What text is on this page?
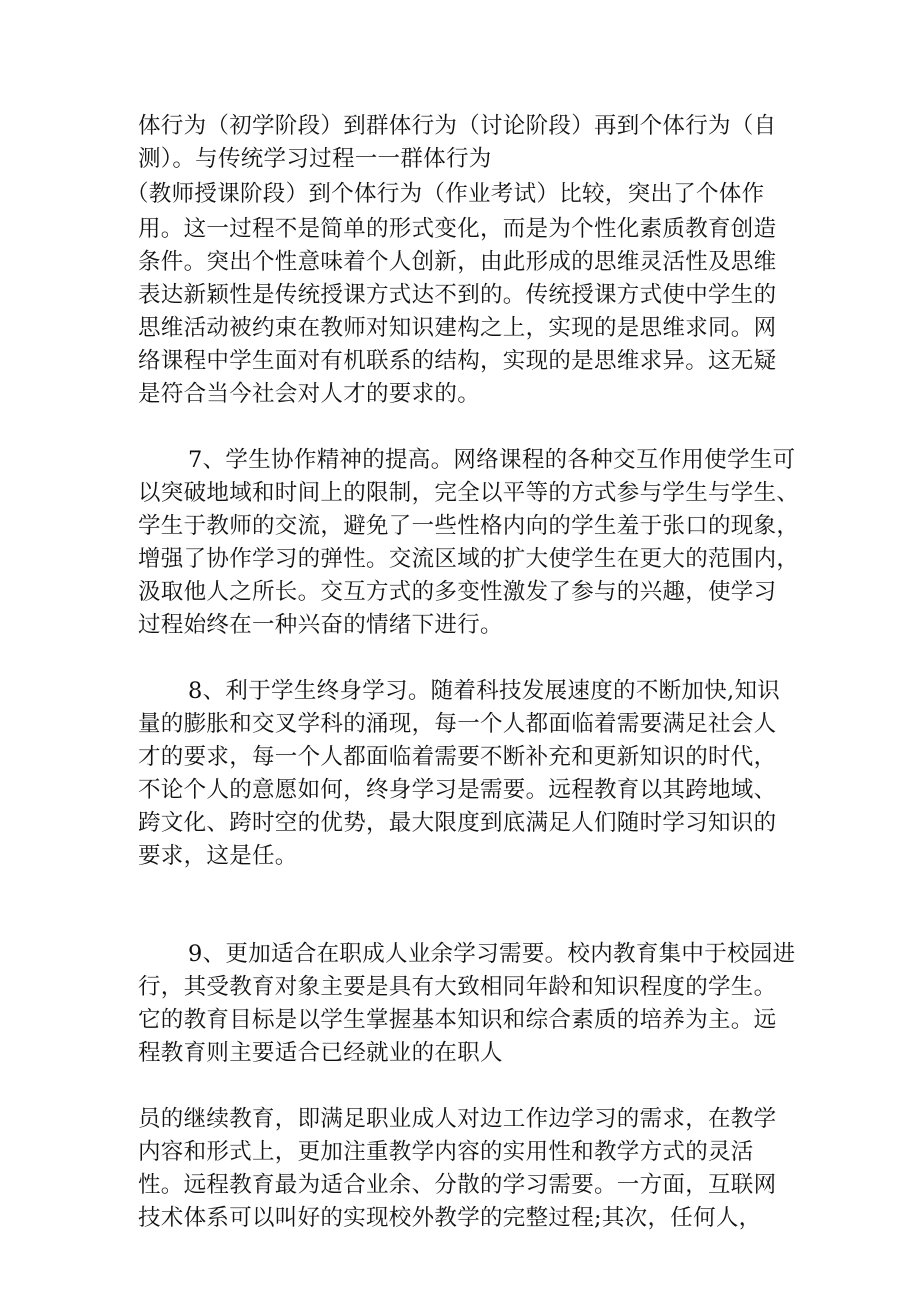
体行为（初学阶段）到群体行为（讨论阶段）再到个体行为（自
测）。与传统学习过程一一群体行为
（教师授课阶段）到个体行为（作业考试）比较，突出了个体作
用。这一过程不是简单的形式变化，而是为个性化素质教育创造
条件。突出个性意味着个人创新，由此形成的思维灵活性及思维
表达新颖性是传统授课方式达不到的。传统授课方式使中学生的
思维活动被约束在教师对知识建构之上，实现的是思维求同。网
络课程中学生面对有机联系的结构，实现的是思维求异。这无疑
是符合当今社会对人才的要求的。
7、学生协作精神的提高。网络课程的各种交互作用使学生可
以突破地域和时间上的限制，完全以平等的方式参与学生与学生、
学生于教师的交流，避免了一些性格内向的学生羞于张口的现象，
增强了协作学习的弹性。交流区域的扩大使学生在更大的范围内，
汲取他人之所长。交互方式的多变性激发了参与的兴趣，使学习
过程始终在一种兴奋的情绪下进行。
8、利于学生终身学习。随着科技发展速度的不断加快,知识
量的膨胀和交叉学科的涌现，每一个人都面临着需要满足社会人
才的要求，每一个人都面临着需要不断补充和更新知识的时代，
不论个人的意愿如何，终身学习是需要。远程教育以其跨地域、
跨文化、跨时空的优势，最大限度到底满足人们随时学习知识的
要求，这是任。
9、更加适合在职成人业余学习需要。校内教育集中于校园进
行，其受教育对象主要是具有大致相同年龄和知识程度的学生。
它的教育目标是以学生掌握基本知识和综合素质的培养为主。远
程教育则主要适合已经就业的在职人
员的继续教育，即满足职业成人对边工作边学习的需求，在教学
内容和形式上，更加注重教学内容的实用性和教学方式的灵活
性。远程教育最为适合业余、分散的学习需要。一方面，互联网
技术体系可以叫好的实现校外教学的完整过程;其次，任何人，
